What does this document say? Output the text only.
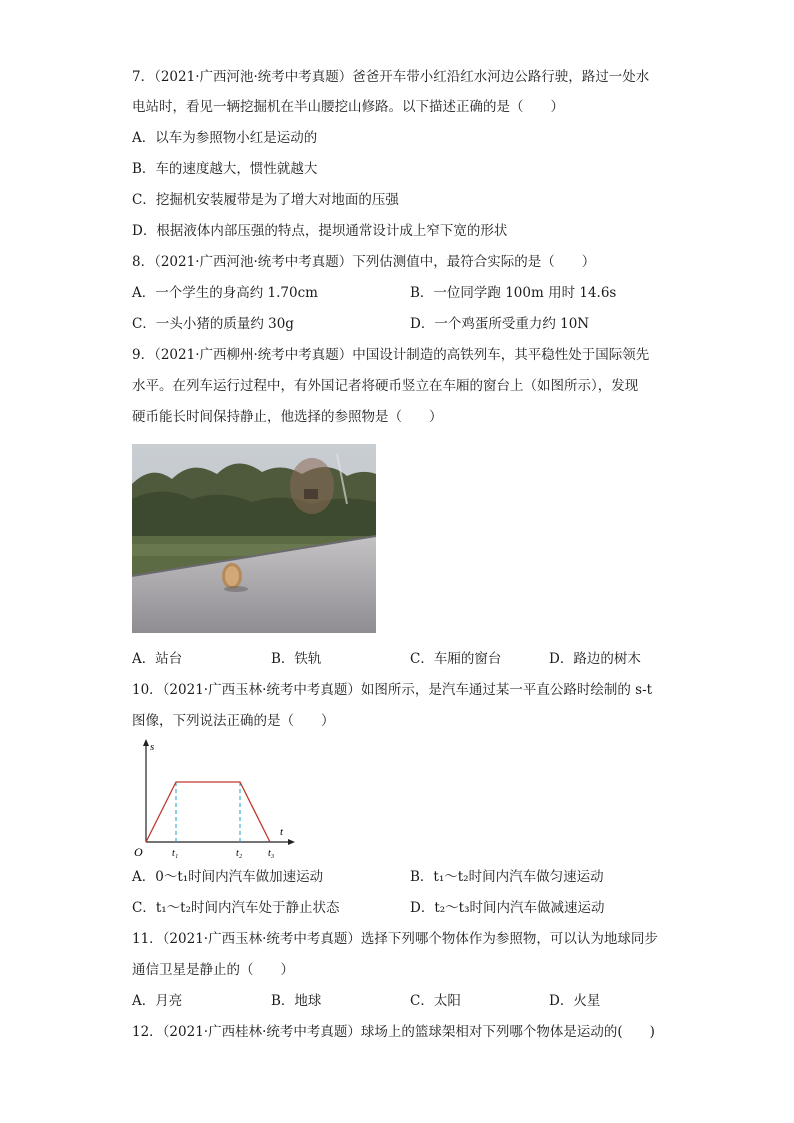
7．（2021·广西河池·统考中考真题）爸爸开车带小红沿红水河边公路行驶，路过一处水
电站时，看见一辆挖掘机在半山腰挖山修路。以下描述正确的是（　　）
A．以车为参照物小红是运动的
B．车的速度越大，惯性就越大
C．挖掘机安装履带是为了增大对地面的压强
D．根据液体内部压强的特点，提坝通常设计成上窄下宽的形状
8．（2021·广西河池·统考中考真题）下列估测值中，最符合实际的是（　　）
A．一个学生的身高约 1.70cm	B．一位同学跑 100m 用时 14.6s
C．一头小猪的质量约 30g	D．一个鸡蛋所受重力约 10N
9．（2021·广西柳州·统考中考真题）中国设计制造的高铁列车，其平稳性处于国际领先
水平。在列车运行过程中，有外国记者将硬币竖立在车厢的窗台上（如图所示），发现
硬币能长时间保持静止，他选择的参照物是（　　）
A．站台	B．铁轨	C．车厢的窗台	D．路边的树木
10．（2021·广西玉林·统考中考真题）如图所示，是汽车通过某一平直公路时绘制的 s-t
图像，下列说法正确的是（　　）
s
t
O	t₁	t₂	t₃
A．0～t₁时间内汽车做加速运动	B．t₁～t₂时间内汽车做匀速运动
C．t₁～t₂时间内汽车处于静止状态	D．t₂～t₃时间内汽车做减速运动
11．（2021·广西玉林·统考中考真题）选择下列哪个物体作为参照物，可以认为地球同步
通信卫星是静止的（　　）
A．月亮	B．地球	C．太阳	D．火星
12．（2021·广西桂林·统考中考真题）球场上的篮球架相对下列哪个物体是运动的(　　)
